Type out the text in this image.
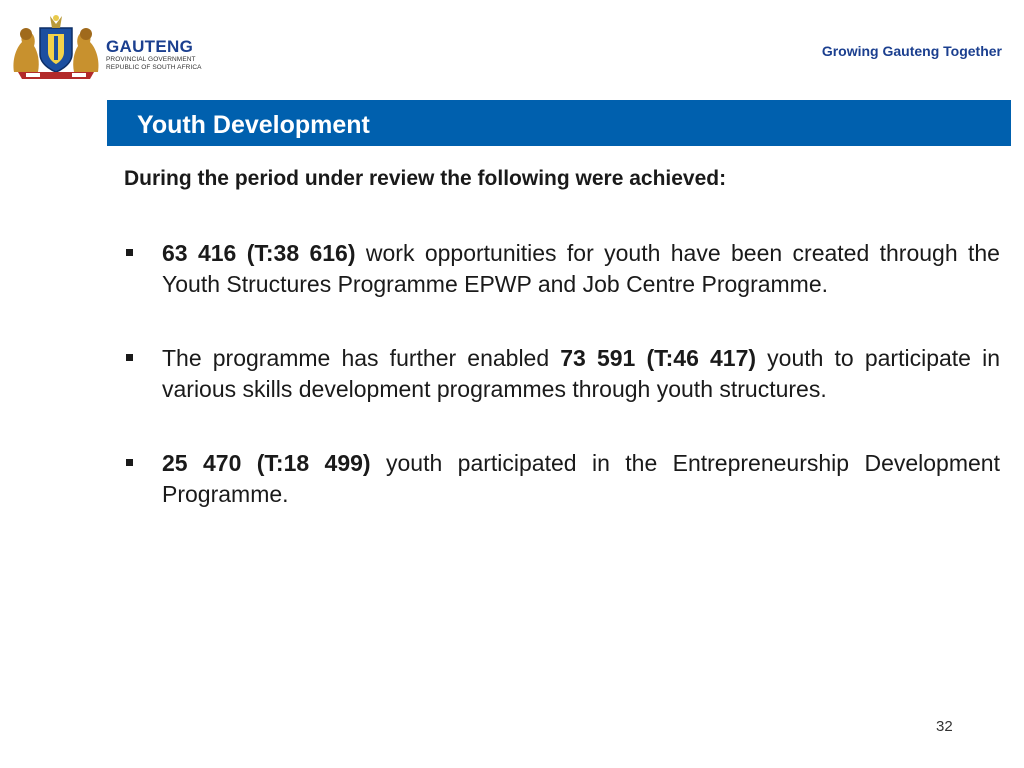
GAUTENG
PROVINCIAL GOVERNMENT
REPUBLIC OF SOUTH AFRICA
Growing Gauteng Together
Youth Development
During the period under review the following were achieved:
63 416 (T:38 616) work opportunities for youth have been created through the Youth Structures Programme EPWP and Job Centre Programme.
The programme has further enabled 73 591 (T:46 417) youth to participate in various skills development programmes through youth structures.
25 470 (T:18 499) youth participated in the Entrepreneurship Development Programme.
32
